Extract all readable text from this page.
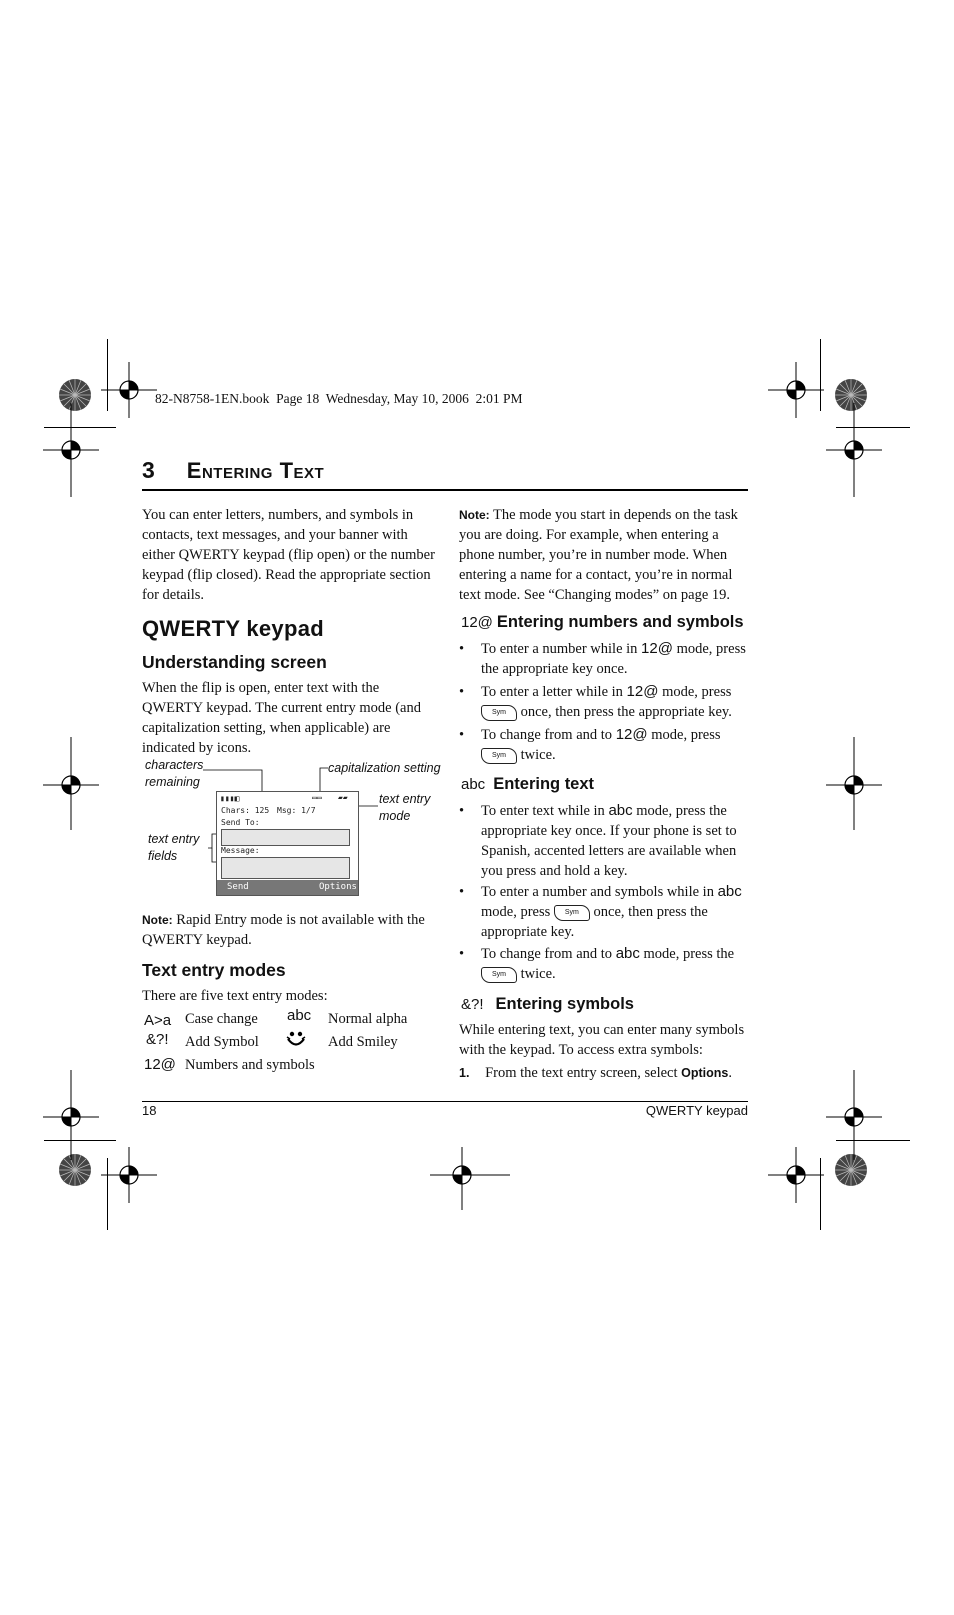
82-N8758-1EN.book  Page 18  Wednesday, May 10, 2006  2:01 PM
3 Entering Text
You can enter letters, numbers, and symbols in contacts, text messages, and your banner with either QWERTY keypad (flip open) or the number keypad (flip closed). Read the appropriate section for details.
QWERTY keypad
Understanding screen
When the flip is open, enter text with the QWERTY keypad. The current entry mode (and capitalization setting, when applicable) are indicated by icons.
characters remaining
capitalization setting
text entry mode
text entry fields
▮▮▮◧	▭▭ ▰▰
Chars: 125 Msg: 1/7
Send To:
Message:
Send	Options
Note: Rapid Entry mode is not available with the QWERTY keypad.
Text entry modes
There are five text entry modes:
A>a Case change abc Normal alpha
&?! Add Symbol	Add Smiley
12@ Numbers and symbols
Note: The mode you start in depends on the task you are doing. For example, when entering a phone number, you’re in number mode. When entering a name for a contact, you’re in normal text mode. See “Changing modes” on page 19.
12@ Entering numbers and symbols
• To enter a number while in 12@ mode, press
the appropriate key once.
• To enter a letter while in 12@ mode, press
Sym once, then press the appropriate key.
• To change from and to 12@ mode, press
Sym twice.
abc Entering text
• To enter text while in abc mode, press the
appropriate key once. If your phone is set to
Spanish, accented letters are available when
you press and hold a key.
• To enter a number and symbols while in abc
mode, press Sym once, then press the
appropriate key.
• To change from and to abc mode, press the
Sym twice.
&?! Entering symbols
While entering text, you can enter many symbols with the keypad. To access extra symbols:
1. From the text entry screen, select Options.
18	QWERTY keypad
